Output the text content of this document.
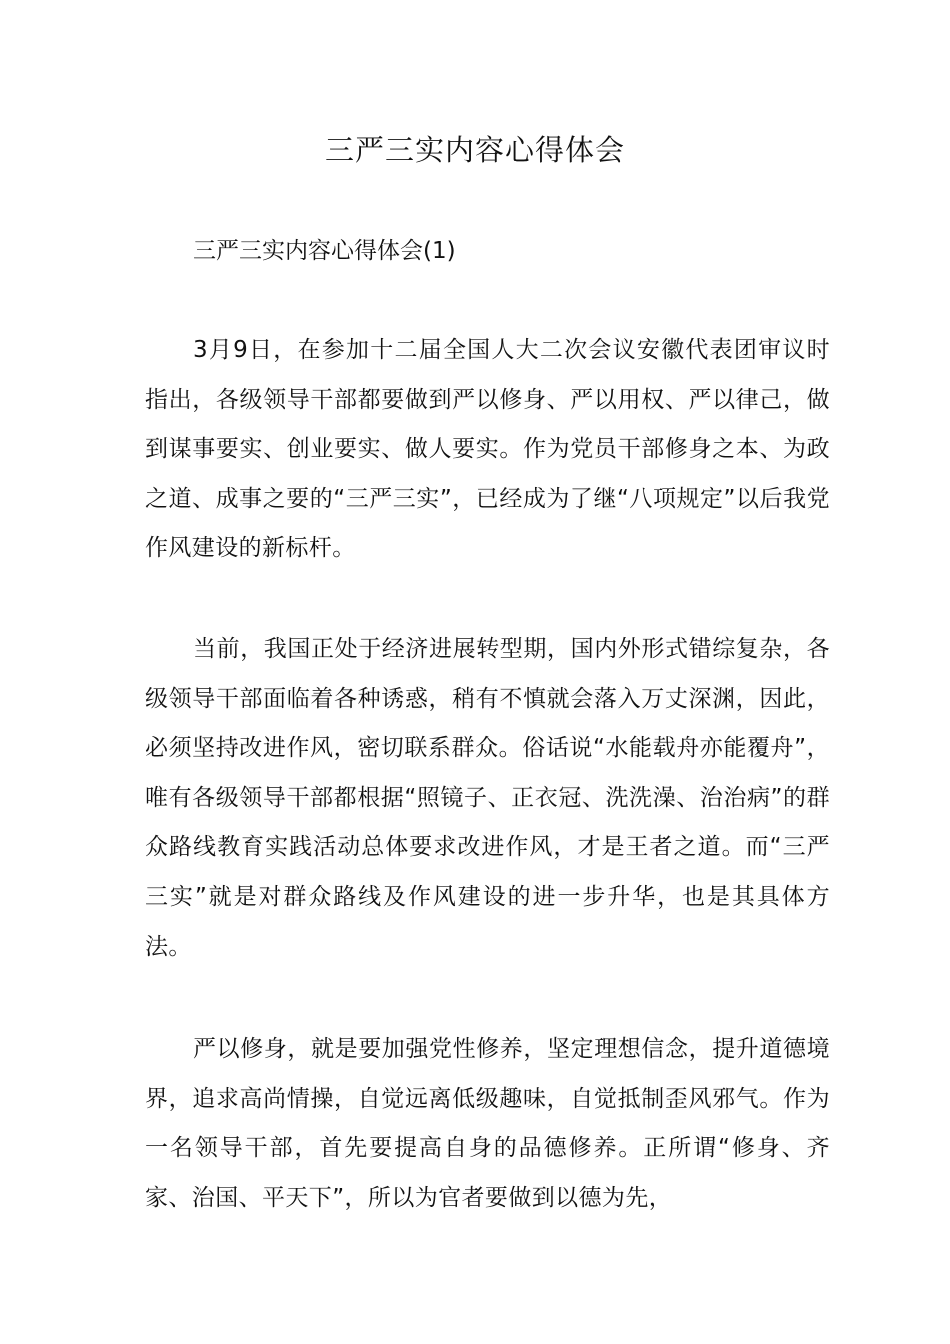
三严三实内容心得体会

三严三实内容心得体会(1)

3月9日，在参加十二届全国人大二次会议安徽代表团审议时指出，各级领导干部都要做到严以修身、严以用权、严以律己，做到谋事要实、创业要实、做人要实。作为党员干部修身之本、为政之道、成事之要的“三严三实”，已经成为了继“八项规定”以后我党作风建设的新标杆。

当前，我国正处于经济进展转型期，国内外形式错综复杂，各级领导干部面临着各种诱惑，稍有不慎就会落入万丈深渊，因此，必须坚持改进作风，密切联系群众。俗话说“水能载舟亦能覆舟”，唯有各级领导干部都根据“照镜子、正衣冠、洗洗澡、治治病”的群众路线教育实践活动总体要求改进作风，才是王者之道。而“三严三实”就是对群众路线及作风建设的进一步升华，也是其具体方法。

严以修身，就是要加强党性修养，坚定理想信念，提升道德境界，追求高尚情操，自觉远离低级趣味，自觉抵制歪风邪气。作为一名领导干部，首先要提高自身的品德修养。正所谓“修身、齐家、治国、平天下”，所以为官者要做到以德为先，
